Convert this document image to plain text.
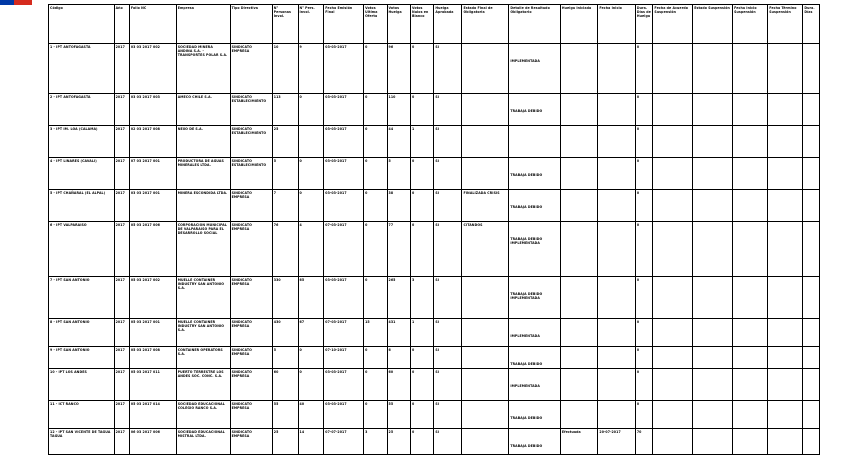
Código	Año	Folio NC	Empresa	Tipo Directiva	N° Personas Invol.	N° Pers. Invol.	Fecha Emisión Final	Votos Ultima Oferta	Votos Huelga	Votos Nulos en Blanco	Huelga Aprobada	Estado Final de Obligatoria	Detalle de Resultado Obligatorio	Huelga Iniciada	Fecha Inicio	Dura. Días de Huelga	Fecha de Acuerdo Suspensión	Estado Suspensión	Fecha Inicio Suspensión	Fecha Término Suspensión	Dura. Días

1 - IPT ANTOFAGASTA	2017	03 03 2017 002	SOCIEDAD MINERA ANDINA S.A. - TRANSPORTES POLAR S.A.	SINDICATO EMPRESA	10	9	03-03-2017	0	96	0	SI		IMPLEMENTADA			0					

2 - IPT ANTOFAGASTA	2017	03 03 2017 003	AMECO CHILE S.A.	SINDICATO ESTABLECIMIENTO	113	0	03-03-2017	0	110	0	SI		TRABAJA DEBIDO			0					

3 - IPT IM. LOA (CALAMA)	2017	02 03 2017 008	NEXO DE S.A.	SINDICATO ESTABLECIMIENTO	25		03-03-2017	0	44	1	SI					0					

4 - IPT LINARES (CAVALI)	2017	07 03 2017 001	PRODUCTORA DE AGUAS MINERALES LTDA.	SINDICATO ESTABLECIMIENTO	5	0	03-03-2017	0	5	0	SI		TRABAJA DEBIDO			0					

5 - IPT CHAÑARAL (EL ALPAL)	2017	03 03 2017 001	MINERA ESCONDIDA LTDA.	SINDICATO EMPRESA	7	0	03-03-2017	0	38	0	SI	FINALIZADA CRISIS	TRABAJA DEBIDO			0					

6 - IPT VALPARAISO	2017	05 03 2017 006	CORPORACION MUNICIPAL DE VALPARAISO PARA EL DESARROLLO SOCIAL	SINDICATO EMPRESA	76	4	07-03-2017	0	77	0	SI	CITANDOS	TRABAJA DEBIDO IMPLEMENTADA			0					

7 - IPT SAN ANTONIO	2017	05 03 2017 002	MUELLE CONTAINER INDUSTRY SAN ANTONIO S.A.	SINDICATO EMPRESA	330	65	03-03-2017	0	265	3	SI		TRABAJA DEBIDO IMPLEMENTADA			0					

8 - IPT SAN ANTONIO	2017	05 03 2017 001	MUELLE CONTAINER INDUSTRY SAN ANTONIO S.A.	SINDICATO EMPRESA	430	67	07-03-2017	15	431	1	SI		IMPLEMENTADA			0					

9 - IPT SAN ANTONIO	2017	05 03 2017 008	CONTAINER OPERATORS S.A.	SINDICATO EMPRESA	5	0	07-10-2017	0	6	0	SI		TRABAJA DEBIDO			0					

10 - IPT LOS ANDES	2017	05 03 2017 011	PUERTO TERRESTRE LOS ANDES SOC. CONC. S.A.	SINDICATO EMPRESA	60	0	03-03-2017	0	60	0	SI		IMPLEMENTADA			0					

11 - ICT RANCO	2017	05 03 2017 014	SOCIEDAD EDUCACIONAL COLEGIO RANCO S.A.	SINDICATO EMPRESA	55	40	03-03-2017	0	55	0	SI		TRABAJA DEBIDO			0					

12 - IPT SAN VICENTE DE TAGUA TAGUA	2017	06 03 2017 006	SOCIEDAD EDUCACIONAL MISTRAL LTDA.	SINDICATO EMPRESA	25	14	07-07-2017	3	25	0	SI		TRABAJA DEBIDO	Efectuada	20-07-2017	70					
